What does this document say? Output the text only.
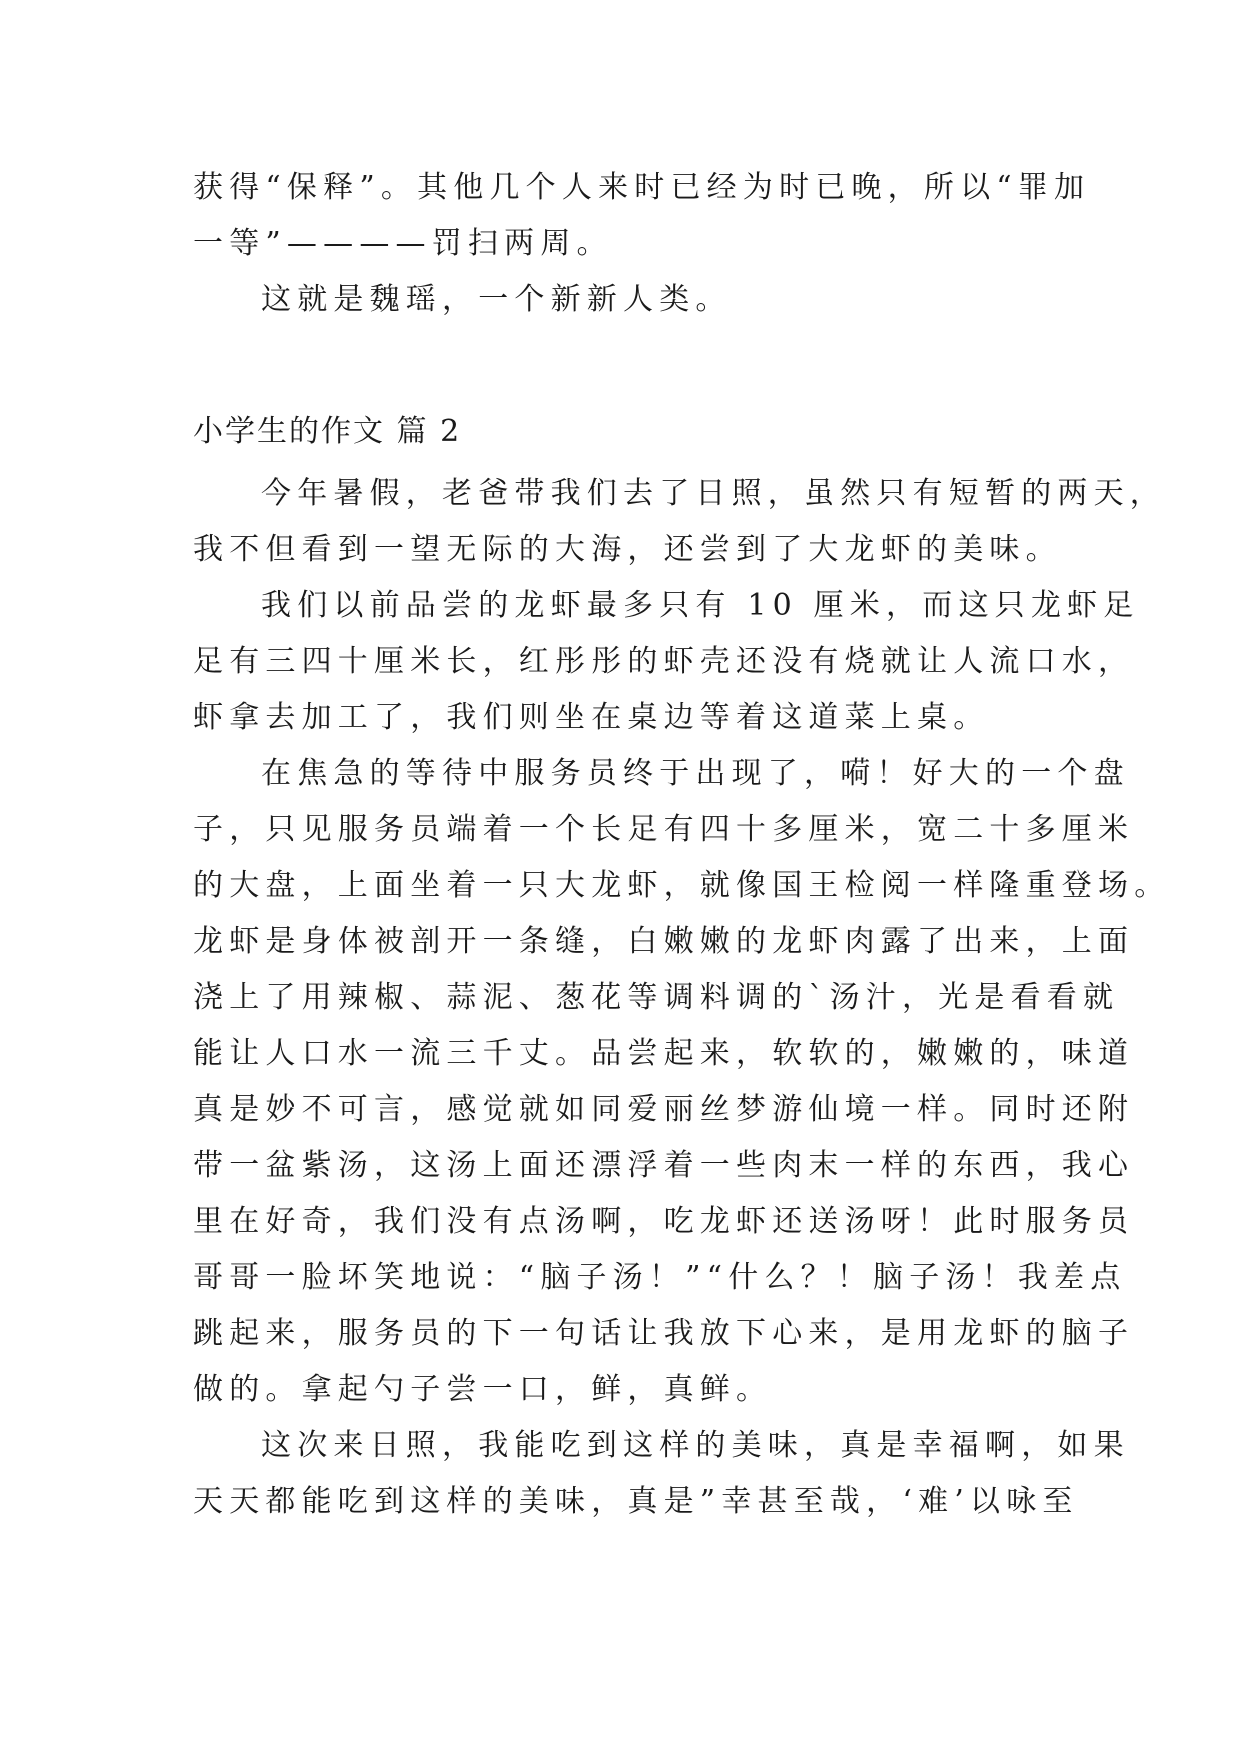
获得“保释”。其他几个人来时已经为时已晚，所以“罪加
一等”————罚扫两周。
这就是魏瑶，一个新新人类。
小学生的作文 篇 2
今年暑假，老爸带我们去了日照，虽然只有短暂的两天，
我不但看到一望无际的大海，还尝到了大龙虾的美味。
我们以前品尝的龙虾最多只有 10 厘米，而这只龙虾足
足有三四十厘米长，红彤彤的虾壳还没有烧就让人流口水，
虾拿去加工了，我们则坐在桌边等着这道菜上桌。
在焦急的等待中服务员终于出现了，嗬！好大的一个盘
子，只见服务员端着一个长足有四十多厘米，宽二十多厘米
的大盘，上面坐着一只大龙虾，就像国王检阅一样隆重登场。
龙虾是身体被剖开一条缝，白嫩嫩的龙虾肉露了出来，上面
浇上了用辣椒、蒜泥、葱花等调料调的`汤汁，光是看看就
能让人口水一流三千丈。品尝起来，软软的，嫩嫩的，味道
真是妙不可言，感觉就如同爱丽丝梦游仙境一样。同时还附
带一盆紫汤，这汤上面还漂浮着一些肉末一样的东西，我心
里在好奇，我们没有点汤啊，吃龙虾还送汤呀！此时服务员
哥哥一脸坏笑地说：“脑子汤！”“什么？！脑子汤！我差点
跳起来，服务员的下一句话让我放下心来，是用龙虾的脑子
做的。拿起勺子尝一口，鲜，真鲜。
这次来日照，我能吃到这样的美味，真是幸福啊，如果
天天都能吃到这样的美味，真是”幸甚至哉，‘难’以咏至
